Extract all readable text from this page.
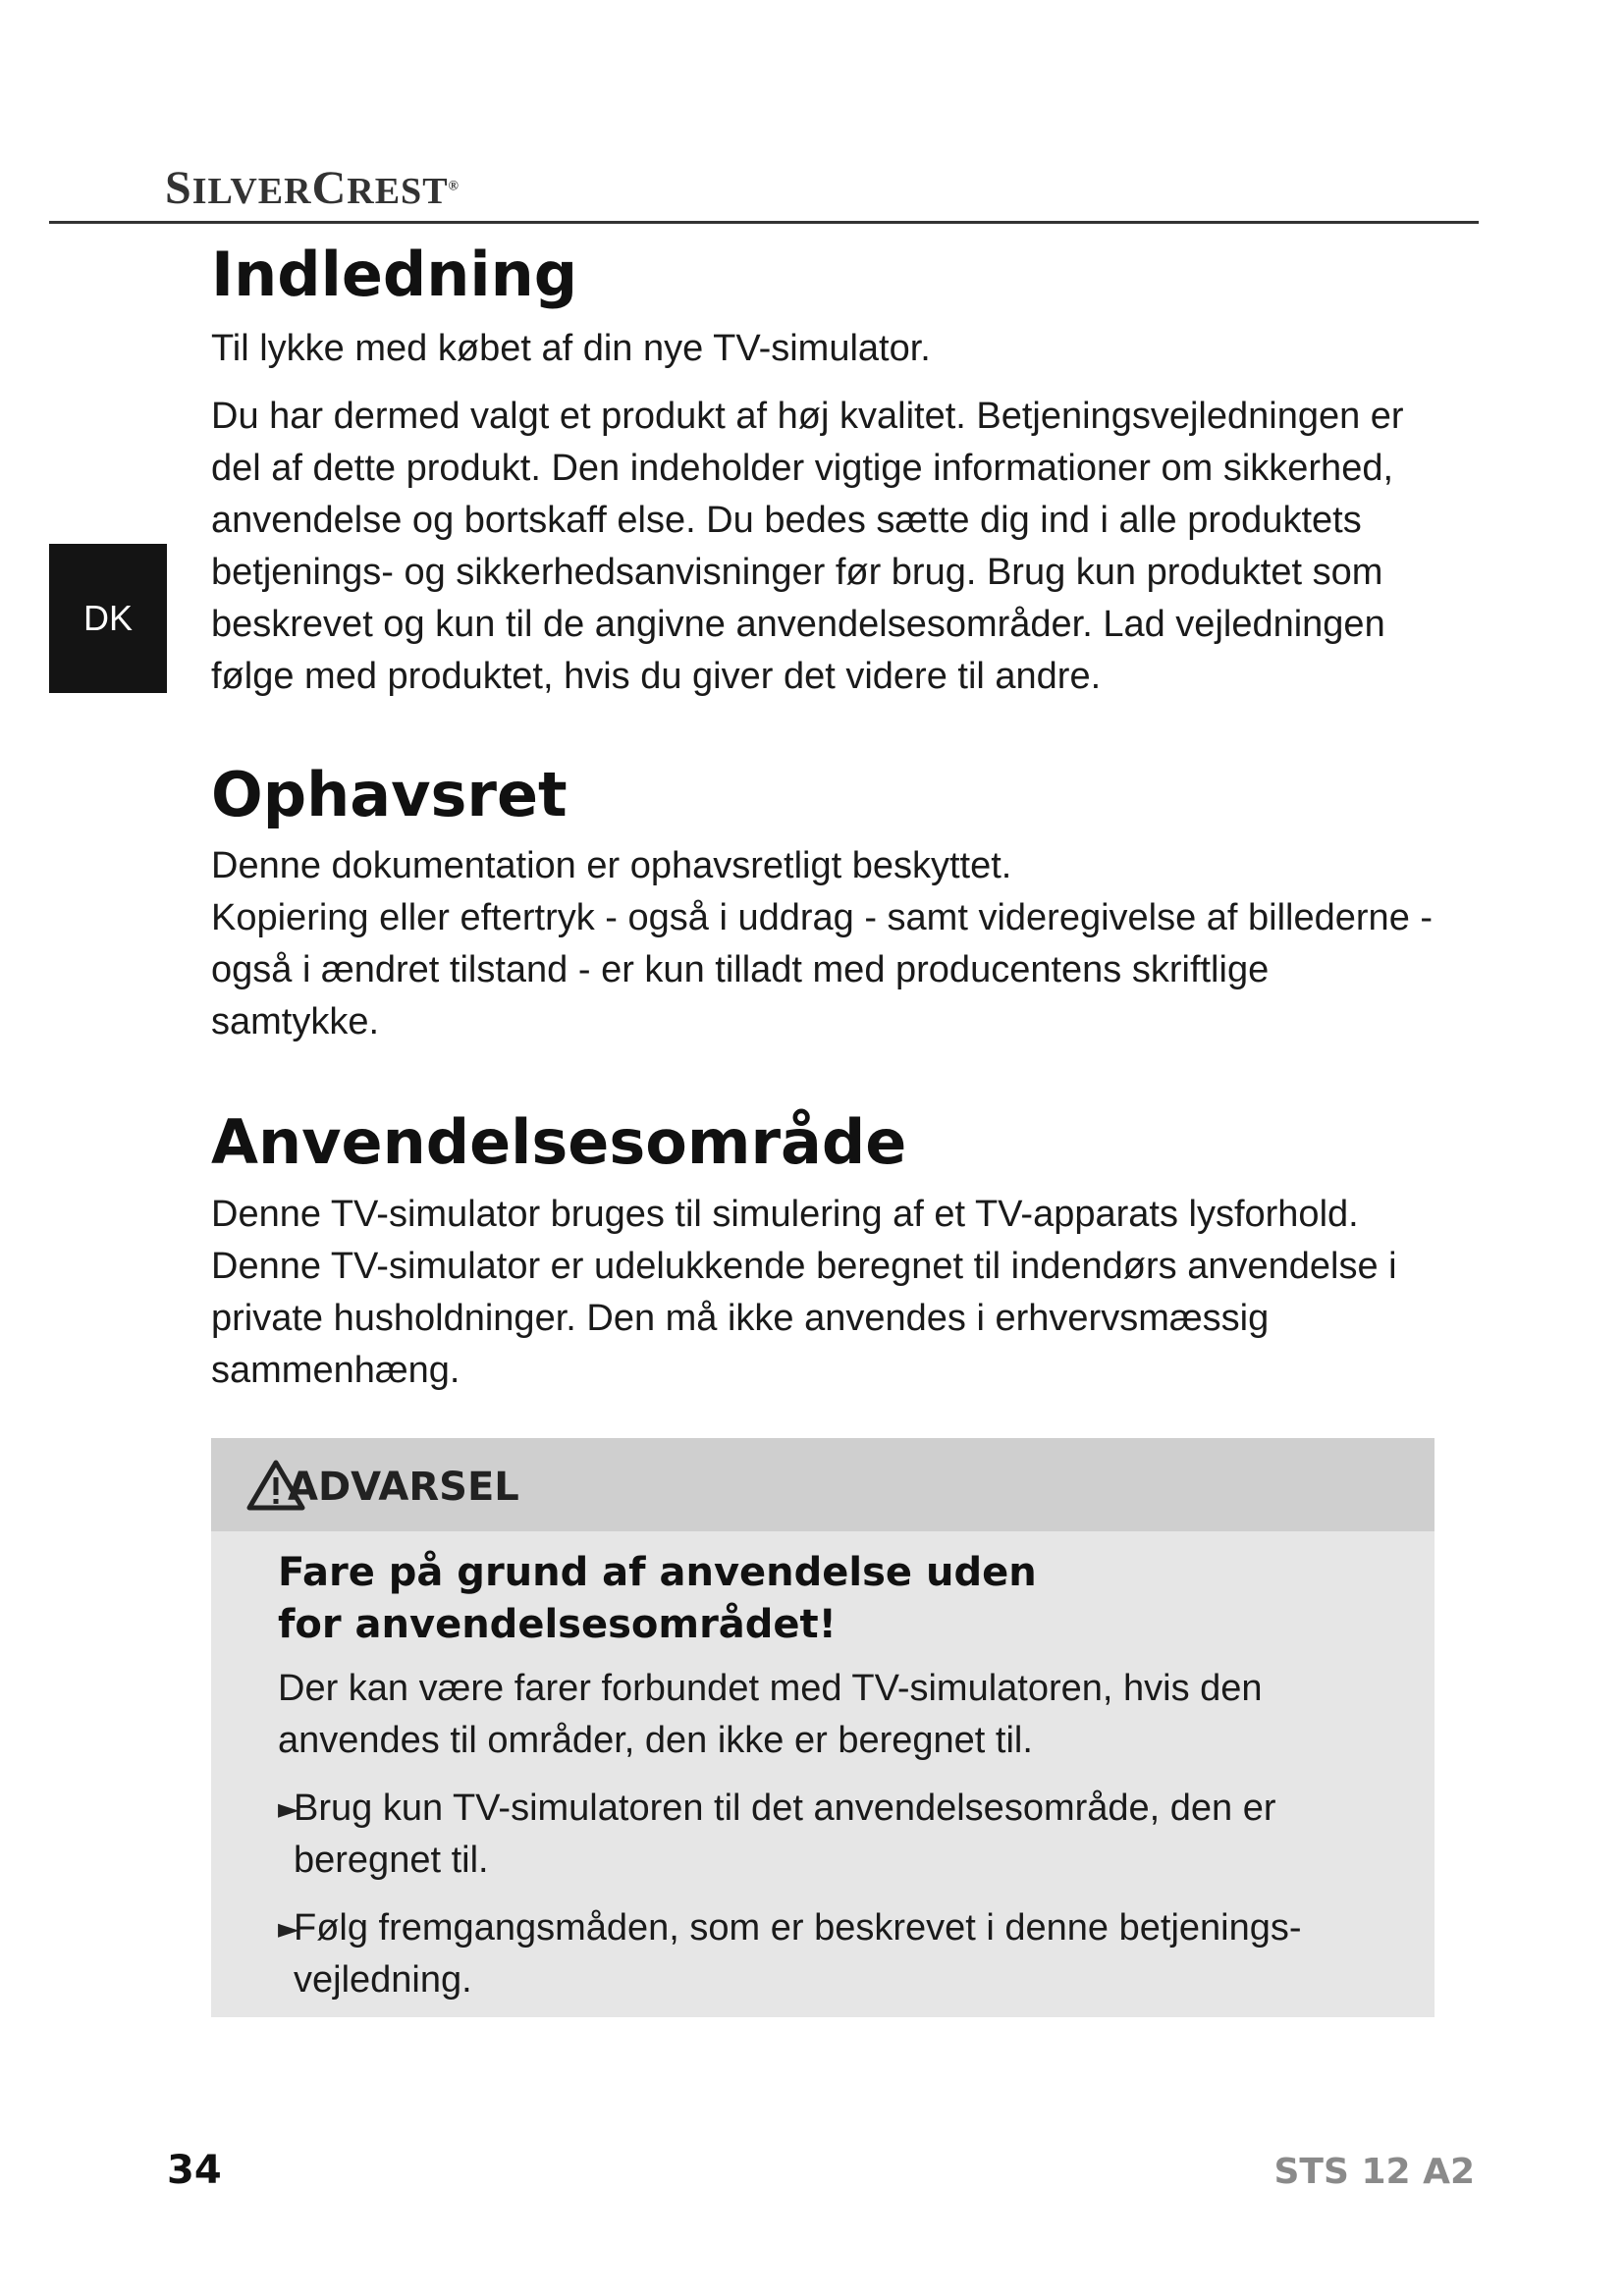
SILVERCREST®
DK
Indledning

Til lykke med købet af din nye TV-simulator.

Du har dermed valgt et produkt af høj kvalitet. Betjeningsvejledningen er del af dette produkt. Den indeholder vigtige informationer om sikkerhed, anvendelse og bortskaff else. Du bedes sætte dig ind i alle produktets betjenings- og sikkerhedsanvisninger før brug. Brug kun produktet som beskrevet og kun til de angivne anvendelsesområder. Lad vejledningen følge med produktet, hvis du giver det videre til andre.

Ophavsret

Denne dokumentation er ophavsretligt beskyttet.

Kopiering eller eftertryk - også i uddrag - samt videregivelse af billederne - også i ændret tilstand - er kun tilladt med producentens skriftlige samtykke.

Anvendelsesområde

Denne TV-simulator bruges til simulering af et TV-apparats lysforhold. Denne TV-simulator er udelukkende beregnet til indendørs anvendelse i private husholdninger. Den må ikke anvendes i erhvervsmæssig sammenhæng.

ADVARSEL
Fare på grund af anvendelse uden
for anvendelsesområdet!

Der kan være farer forbundet med TV-simulatoren, hvis den anvendes til områder, den ikke er beregnet til.

►

Brug kun TV-simulatoren til det anvendelsesområde, den er beregnet til.

►

Følg fremgangsmåden, som er beskrevet i denne betjenings-vejledning.

34	STS 12 A2
